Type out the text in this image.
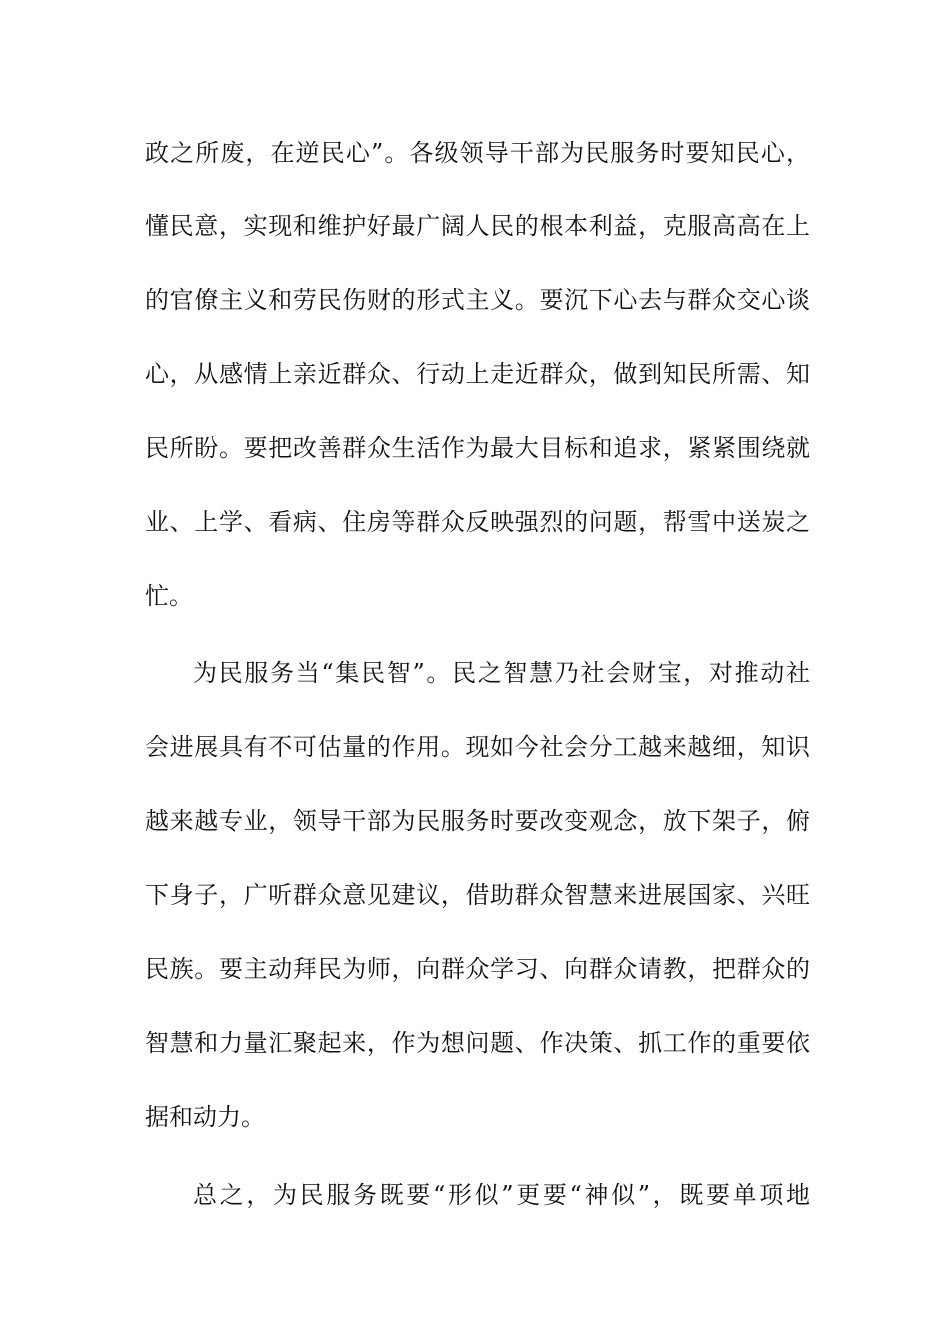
政之所废，在逆民心”。各级领导干部为民服务时要知民心，
懂民意，实现和维护好最广阔人民的根本利益，克服高高在上
的官僚主义和劳民伤财的形式主义。要沉下心去与群众交心谈
心，从感情上亲近群众、行动上走近群众，做到知民所需、知
民所盼。要把改善群众生活作为最大目标和追求，紧紧围绕就
业、上学、看病、住房等群众反映强烈的问题，帮雪中送炭之
忙。
为民服务当“集民智”。民之智慧乃社会财宝，对推动社
会进展具有不可估量的作用。现如今社会分工越来越细，知识
越来越专业，领导干部为民服务时要改变观念，放下架子，俯
下身子，广听群众意见建议，借助群众智慧来进展国家、兴旺
民族。要主动拜民为师，向群众学习、向群众请教，把群众的
智慧和力量汇聚起来，作为想问题、作决策、抓工作的重要依
据和动力。
总之，为民服务既要“形似”更要“神似”，既要单项地
